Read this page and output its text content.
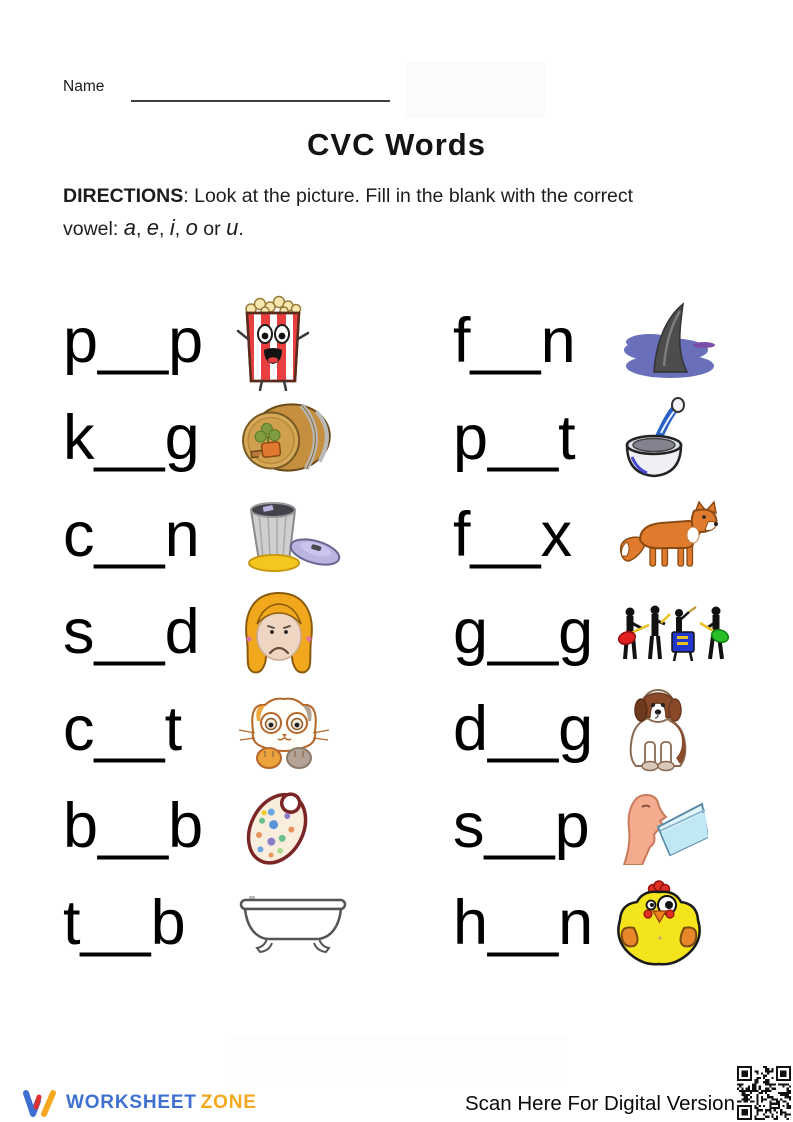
Name
CVC Words

DIRECTIONS: Look at the picture. Fill in the blank with the correct
vowel: a, e, i, o or u.

p__p	f__n
k__g	p__t
c__n	f__x
s__d	g__g
c__t	d__g
b__b	s__p
t__b	h__n
WORKSHEET ZONE	Scan Here For Digital Version
